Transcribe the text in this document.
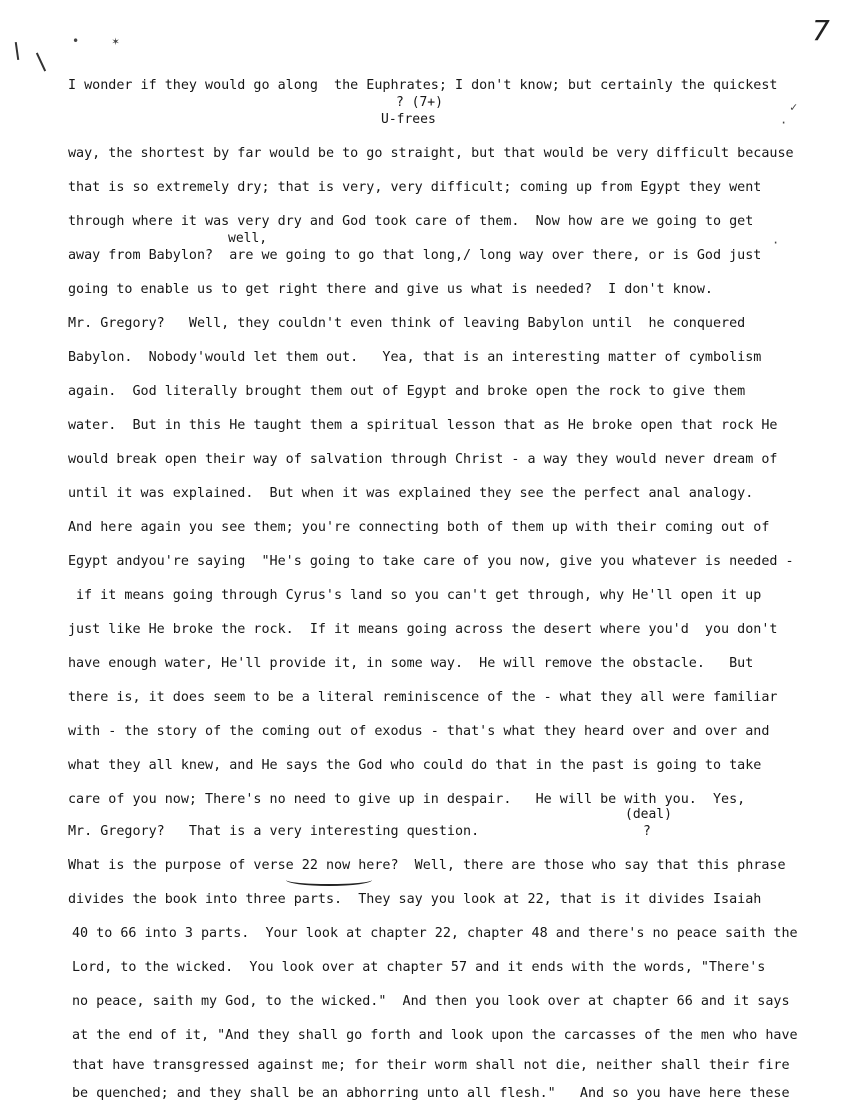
7
•	✶
I wonder if they would go along  the Euphrates; I don't know; but certainly the quickest
? (7+)
U-frees
way, the shortest by far would be to go straight, but that would be very difficult because
that is so extremely dry; that is very, very difficult; coming up from Egypt they went
through where it was very dry and God took care of them.  Now how are we going to get
well,
away from Babylon?  are we going to go that long,/ long way over there, or is God just
going to enable us to get right there and give us what is needed?  I don't know.
Mr. Gregory?   Well, they couldn't even think of leaving Babylon until  he conquered
Babylon.  Nobody'would let them out.   Yea, that is an interesting matter of cymbolism
again.  God literally brought them out of Egypt and broke open the rock to give them
water.  But in this He taught them a spiritual lesson that as He broke open that rock He
would break open their way of salvation through Christ - a way they would never dream of
until it was explained.  But when it was explained they see the perfect anal analogy.
And here again you see them; you're connecting both of them up with their coming out of
Egypt andyou're saying  "He's going to take care of you now, give you whatever is needed -
if it means going through Cyrus's land so you can't get through, why He'll open it up
just like He broke the rock.  If it means going across the desert where you'd  you don't
have enough water, He'll provide it, in some way.  He will remove the obstacle.   But
there is, it does seem to be a literal reminiscence of the - what they all were familiar
with - the story of the coming out of exodus - that's what they heard over and over and
what they all knew, and He says the God who could do that in the past is going to take
care of you now; There's no need to give up in despair.   He will be with you.  Yes,
(deal)
Mr. Gregory?   That is a very interesting question.	?
What is the purpose of verse 22 now here?  Well, there are those who say that this phrase
divides the book into three parts.  They say you look at 22, that is it divides Isaiah
40 to 66 into 3 parts.  Your look at chapter 22, chapter 48 and there's no peace saith the
Lord, to the wicked.  You look over at chapter 57 and it ends with the words, "There's
no peace, saith my God, to the wicked."  And then you look over at chapter 66 and it says
at the end of it, "And they shall go forth and look upon the carcasses of the men who have
that have transgressed against me; for their worm shall not die, neither shall their fire
be quenched; and they shall be an abhorring unto all flesh."   And so you have here these
✓
·
·
